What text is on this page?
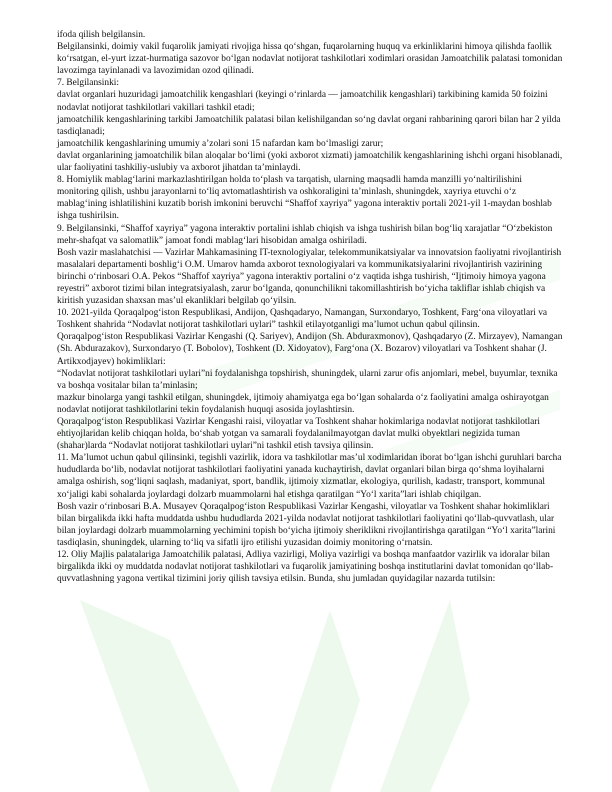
ifoda qilish belgilansin.

Belgilansinki, doimiy vakil fuqarolik jamiyati rivojiga hissa qo‘shgan, fuqarolarning huquq va erkinliklarini himoya qilishda faollik ko‘rsatgan, el-yurt izzat-hurmatiga sazovor bo‘lgan nodavlat notijorat tashkilotlari xodimlari orasidan Jamoatchilik palatasi tomonidan lavozimga tayinlanadi va lavozimidan ozod qilinadi.

7. Belgilansinki:

davlat organlari huzuridagi jamoatchilik kengashlari (keyingi o‘rinlarda — jamoatchilik kengashlari) tarkibining kamida 50 foizini nodavlat notijorat tashkilotlari vakillari tashkil etadi;

jamoatchilik kengashlarining tarkibi Jamoatchilik palatasi bilan kelishilgandan so‘ng davlat organi rahbarining qarori bilan har 2 yilda tasdiqlanadi;

jamoatchilik kengashlarining umumiy a’zolari soni 15 nafardan kam bo‘lmasligi zarur;

davlat organlarining jamoatchilik bilan aloqalar bo‘limi (yoki axborot xizmati) jamoatchilik kengashlarining ishchi organi hisoblanadi, ular faoliyatini tashkiliy-uslubiy va axborot jihatdan ta’minlaydi.

8. Homiylik mablag‘larini markazlashtirilgan holda to‘plash va tarqatish, ularning maqsadli hamda manzilli yo‘naltirilishini monitoring qilish, ushbu jarayonlarni to‘liq avtomatlashtirish va oshkoraligini ta’minlash, shuningdek, xayriya etuvchi o‘z mablag‘ining ishlatilishini kuzatib borish imkonini beruvchi “Shaffof xayriya” yagona interaktiv portali 2021-yil 1-maydan boshlab ishga tushirilsin.

9. Belgilansinki, “Shaffof xayriya” yagona interaktiv portalini ishlab chiqish va ishga tushirish bilan bog‘liq xarajatlar “O‘zbekiston mehr-shafqat va salomatlik” jamoat fondi mablag‘lari hisobidan amalga oshiriladi.

Bosh vazir maslahatchisi — Vazirlar Mahkamasining IT-texnologiyalar, telekommunikatsiyalar va innovatsion faoliyatni rivojlantirish masalalari departamenti boshlig‘i O.M. Umarov hamda axborot texnologiyalari va kommunikatsiyalarini rivojlantirish vazirining birinchi o‘rinbosari O.A. Pekos “Shaffof xayriya” yagona interaktiv portalini o‘z vaqtida ishga tushirish, “Ijtimoiy himoya yagona reyestri” axborot tizimi bilan integratsiyalash, zarur bo‘lganda, qonunchilikni takomillashtirish bo‘yicha takliflar ishlab chiqish va kiritish yuzasidan shaxsan mas’ul ekanliklari belgilab qo‘yilsin.

10. 2021-yilda Qoraqalpog‘iston Respublikasi, Andijon, Qashqadaryo, Namangan, Surxondaryo, Toshkent, Farg‘ona viloyatlari va Toshkent shahrida “Nodavlat notijorat tashkilotlari uylari” tashkil etilayotganligi ma’lumot uchun qabul qilinsin.

Qoraqalpog‘iston Respublikasi Vazirlar Kengashi (Q. Sariyev), Andijon (Sh. Abduraxmonov), Qashqadaryo (Z. Mirzayev), Namangan (Sh. Abdurazakov), Surxondaryo (T. Bobolov), Toshkent (D. Xidoyatov), Farg‘ona (X. Bozarov) viloyatlari va Toshkent shahar (J. Artikxodjayev) hokimliklari:

“Nodavlat notijorat tashkilotlari uylari”ni foydalanishga topshirish, shuningdek, ularni zarur ofis anjomlari, mebel, buyumlar, texnika va boshqa vositalar bilan ta’minlasin;

mazkur binolarga yangi tashkil etilgan, shuningdek, ijtimoiy ahamiyatga ega bo‘lgan sohalarda o‘z faoliyatini amalga oshirayotgan nodavlat notijorat tashkilotlarini tekin foydalanish huquqi asosida joylashtirsin.

Qoraqalpog‘iston Respublikasi Vazirlar Kengashi raisi, viloyatlar va Toshkent shahar hokimlariga nodavlat notijorat tashkilotlari ehtiyojlaridan kelib chiqqan holda, bo‘shab yotgan va samarali foydalanilmayotgan davlat mulki obyektlari negizida tuman (shahar)larda “Nodavlat notijorat tashkilotlari uylari”ni tashkil etish tavsiya qilinsin.

11. Ma’lumot uchun qabul qilinsinki, tegishli vazirlik, idora va tashkilotlar mas’ul xodimlaridan iborat bo‘lgan ishchi guruhlari barcha hududlarda bo‘lib, nodavlat notijorat tashkilotlari faoliyatini yanada kuchaytirish, davlat organlari bilan birga qo‘shma loyihalarni amalga oshirish, sog‘liqni saqlash, madaniyat, sport, bandlik, ijtimoiy xizmatlar, ekologiya, qurilish, kadastr, transport, kommunal xo‘jaligi kabi sohalarda joylardagi dolzarb muammolarni hal etishga qaratilgan “Yo‘l xarita”lari ishlab chiqilgan.

Bosh vazir o‘rinbosari B.A. Musayev Qoraqalpog‘iston Respublikasi Vazirlar Kengashi, viloyatlar va Toshkent shahar hokimliklari bilan birgalikda ikki hafta muddatda ushbu hududlarda 2021-yilda nodavlat notijorat tashkilotlari faoliyatini qo‘llab-quvvatlash, ular bilan joylardagi dolzarb muammolarning yechimini topish bo‘yicha ijtimoiy sheriklikni rivojlantirishga qaratilgan “Yo‘l xarita”larini tasdiqlasin, shuningdek, ularning to‘liq va sifatli ijro etilishi yuzasidan doimiy monitoring o‘rnatsin.

12. Oliy Majlis palatalariga Jamoatchilik palatasi, Adliya vazirligi, Moliya vazirligi va boshqa manfaatdor vazirlik va idoralar bilan birgalikda ikki oy muddatda nodavlat notijorat tashkilotlari va fuqarolik jamiyatining boshqa institutlarini davlat tomonidan qo‘llab-quvvatlashning yagona vertikal tizimini joriy qilish tavsiya etilsin. Bunda, shu jumladan quyidagilar nazarda tutilsin:
